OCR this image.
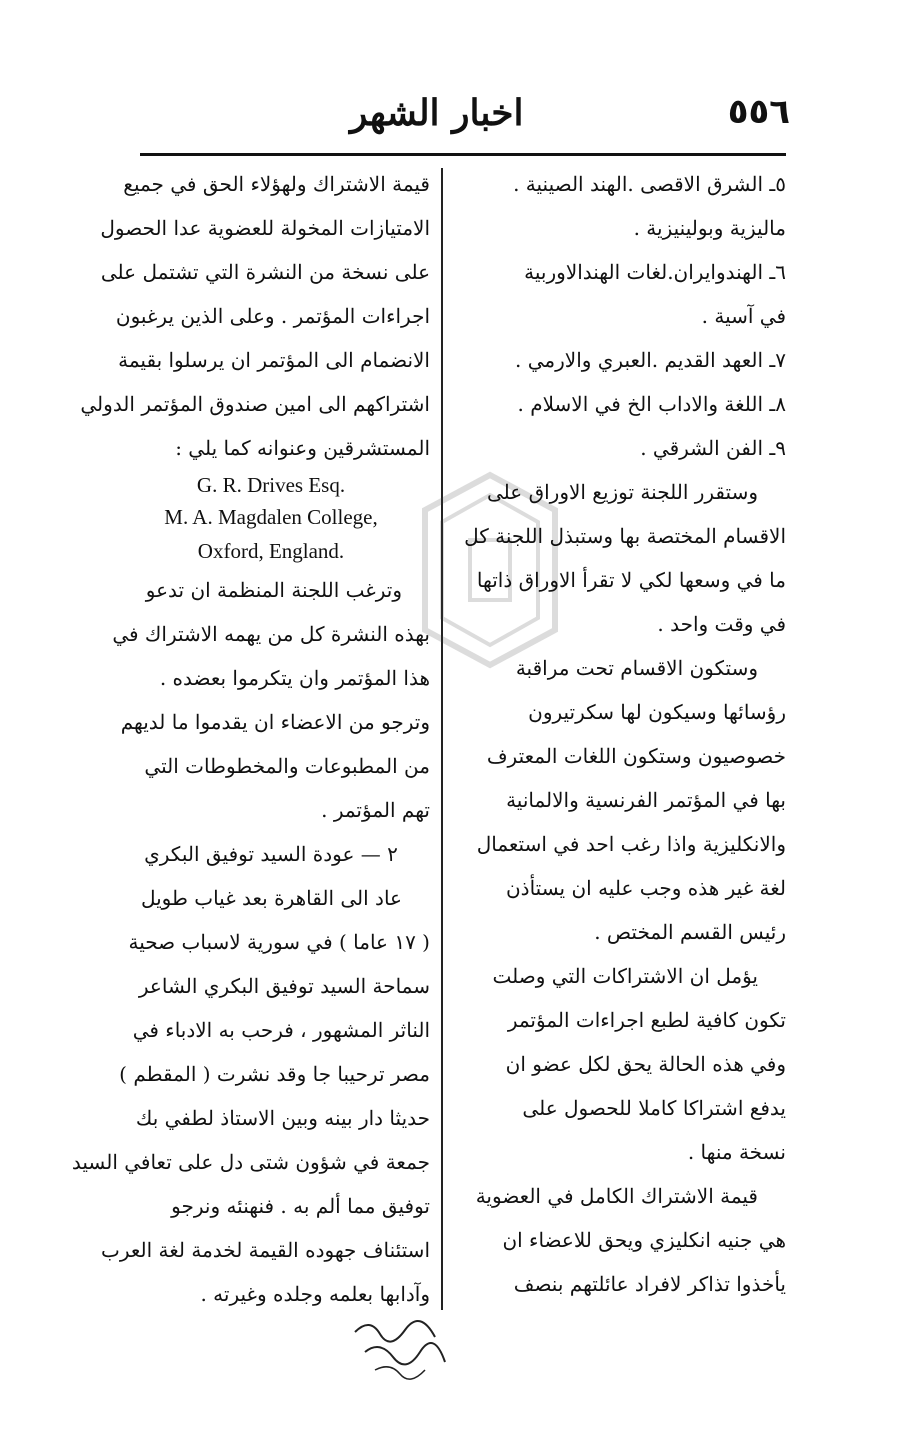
٥٥٦
اخبار الشهر
٥ـ الشرق الاقصى .الهند الصينية .
ماليزية وبولينيزية .
٦ـ الهندوايران.لغات الهندالاوربية
في آسية .
٧ـ العهد القديم .العبري والارمي .
٨ـ اللغة والاداب الخ في الاسلام .
٩ـ الفن الشرقي .
وستقرر اللجنة توزيع الاوراق على
الاقسام المختصة بها وستبذل اللجنة كل
ما في وسعها لكي لا تقرأ الاوراق ذاتها
في وقت واحد .
وستكون الاقسام تحت مراقبة
رؤسائها وسيكون لها سكرتيرون
خصوصيون وستكون اللغات المعترف
بها في المؤتمر الفرنسية والالمانية
والانكليزية واذا رغب احد في استعمال
لغة غير هذه وجب عليه ان يستأذن
رئيس القسم المختص .
يؤمل ان الاشتراكات التي وصلت
تكون كافية لطبع اجراءات المؤتمر
وفي هذه الحالة يحق لكل عضو ان
يدفع اشتراكا كاملا للحصول على
نسخة منها .
قيمة الاشتراك الكامل في العضوية
هي جنيه انكليزي ويحق للاعضاء ان
يأخذوا تذاكر لافراد عائلتهم بنصف
قيمة الاشتراك ولهؤلاء الحق في جميع
الامتيازات المخولة للعضوية عدا الحصول
على نسخة من النشرة التي تشتمل على
اجراءات المؤتمر . وعلى الذين يرغبون
الانضمام الى المؤتمر ان يرسلوا بقيمة
اشتراكهم الى امين صندوق المؤتمر الدولي
المستشرقين وعنوانه كما يلي :
G. R. Drives Esq.
M. A. Magdalen College,
Oxford, England.
وترغب اللجنة المنظمة ان تدعو
بهذه النشرة كل من يهمه الاشتراك في
هذا المؤتمر وان يتكرموا بعضده .
وترجو من الاعضاء ان يقدموا ما لديهم
من المطبوعات والمخطوطات التي
تهم المؤتمر .
٢ — عودة السيد توفيق البكري
عاد الى القاهرة بعد غياب طويل
( ١٧ عاما ) في سورية لاسباب صحية
سماحة السيد توفيق البكري الشاعر
الناثر المشهور ، فرحب به الادباء في
مصر ترحيبا جا وقد نشرت ( المقطم )
حديثا دار بينه وبين الاستاذ لطفي بك
جمعة في شؤون شتى دل على تعافي السيد
توفيق مما ألم به . فنهنئه ونرجو
استئناف جهوده القيمة لخدمة لغة العرب
وآدابها بعلمه وجلده وغيرته .
